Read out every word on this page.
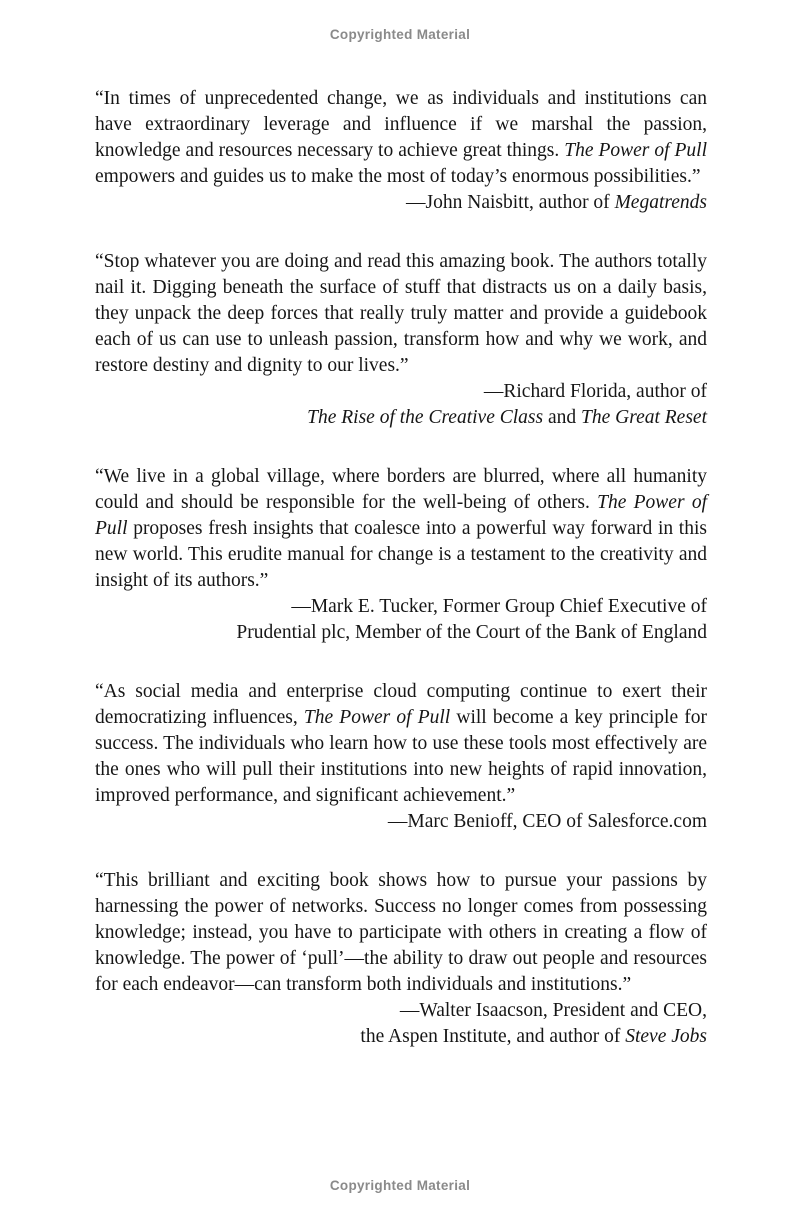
Copyrighted Material

“In times of unprecedented change, we as individuals and institutions can have extraordinary leverage and influence if we marshal the passion, knowledge and resources necessary to achieve great things. The Power of Pull empowers and guides us to make the most of today’s enormous possibilities.”
—John Naisbitt, author of Megatrends

“Stop whatever you are doing and read this amazing book. The authors totally nail it. Digging beneath the surface of stuff that distracts us on a daily basis, they unpack the deep forces that really truly matter and provide a guidebook each of us can use to unleash passion, transform how and why we work, and restore destiny and dignity to our lives.”

—Richard Florida, author of
The Rise of the Creative Class and The Great Reset

“We live in a global village, where borders are blurred, where all humanity could and should be responsible for the well-being of others. The Power of Pull proposes fresh insights that coalesce into a powerful way forward in this new world. This erudite manual for change is a testament to the creativity and insight of its authors.”

—Mark E. Tucker, Former Group Chief Executive of
Prudential plc, Member of the Court of the Bank of England

“As social media and enterprise cloud computing continue to exert their democratizing influences, The Power of Pull will become a key principle for success. The individuals who learn how to use these tools most effectively are the ones who will pull their institutions into new heights of rapid innovation, improved performance, and significant achievement.”
—Marc Benioff, CEO of Salesforce.com

“This brilliant and exciting book shows how to pursue your passions by harnessing the power of networks. Success no longer comes from possessing knowledge; instead, you have to participate with others in creating a flow of knowledge. The power of ‘pull’—the ability to draw out people and resources for each endeavor—can transform both individuals and institutions.”

—Walter Isaacson, President and CEO,
the Aspen Institute, and author of Steve Jobs
Copyrighted Material
